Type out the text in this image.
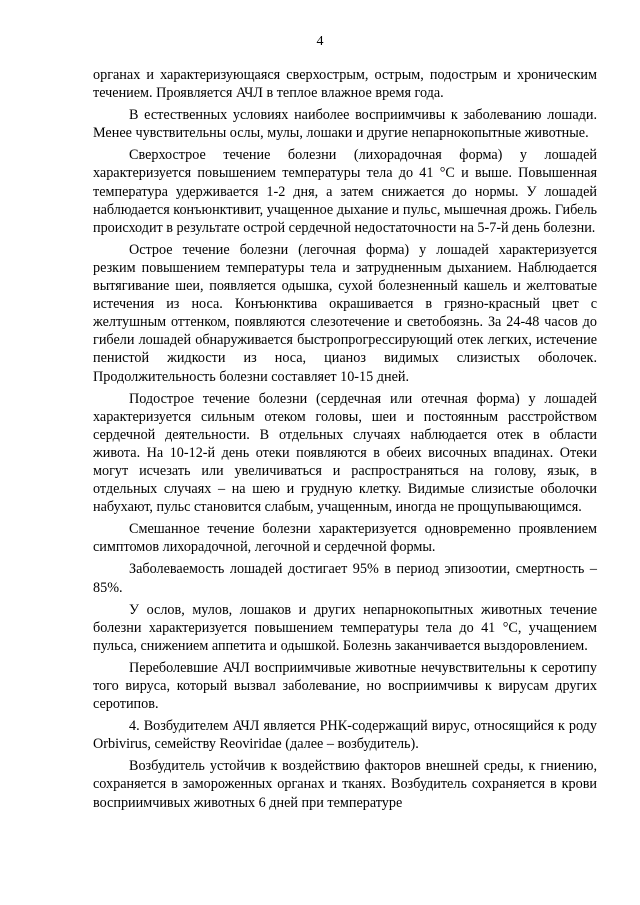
4

органах и характеризующаяся сверхострым, острым, подострым и хроническим течением. Проявляется АЧЛ в теплое влажное время года.

В естественных условиях наиболее восприимчивы к заболеванию лошади. Менее чувствительны ослы, мулы, лошаки и другие непарнокопытные животные.

Сверхострое течение болезни (лихорадочная форма) у лошадей характеризуется повышением температуры тела до 41 °С и выше. Повышенная температура удерживается 1-2 дня, а затем снижается до нормы. У лошадей наблюдается конъюнктивит, учащенное дыхание и пульс, мышечная дрожь. Гибель происходит в результате острой сердечной недостаточности на 5-7-й день болезни.

Острое течение болезни (легочная форма) у лошадей характеризуется резким повышением температуры тела и затрудненным дыханием. Наблюдается вытягивание шеи, появляется одышка, сухой болезненный кашель и желтоватые истечения из носа. Конъюнктива окрашивается в грязно-красный цвет с желтушным оттенком, появляются слезотечение и светобоязнь. За 24-48 часов до гибели лошадей обнаруживается быстропрогрессирующий отек легких, истечение пенистой жидкости из носа, цианоз видимых слизистых оболочек. Продолжительность болезни составляет 10-15 дней.

Подострое течение болезни (сердечная или отечная форма) у лошадей характеризуется сильным отеком головы, шеи и постоянным расстройством сердечной деятельности. В отдельных случаях наблюдается отек в области живота. На 10-12-й день отеки появляются в обеих височных впадинах. Отеки могут исчезать или увеличиваться и распространяться на голову, язык, в отдельных случаях – на шею и грудную клетку. Видимые слизистые оболочки набухают, пульс становится слабым, учащенным, иногда не прощупывающимся.

Смешанное течение болезни характеризуется одновременно проявлением симптомов лихорадочной, легочной и сердечной формы.

Заболеваемость лошадей достигает 95% в период эпизоотии, смертность – 85%.

У ослов, мулов, лошаков и других непарнокопытных животных течение болезни характеризуется повышением температуры тела до 41 °С, учащением пульса, снижением аппетита и одышкой. Болезнь заканчивается выздоровлением.

Переболевшие АЧЛ восприимчивые животные нечувствительны к серотипу того вируса, который вызвал заболевание, но восприимчивы к вирусам других серотипов.

4. Возбудителем АЧЛ является РНК-содержащий вирус, относящийся к роду Orbivirus, семейству Reoviridae (далее – возбудитель).

Возбудитель устойчив к воздействию факторов внешней среды, к гниению, сохраняется в замороженных органах и тканях. Возбудитель сохраняется в крови восприимчивых животных 6 дней при температуре
